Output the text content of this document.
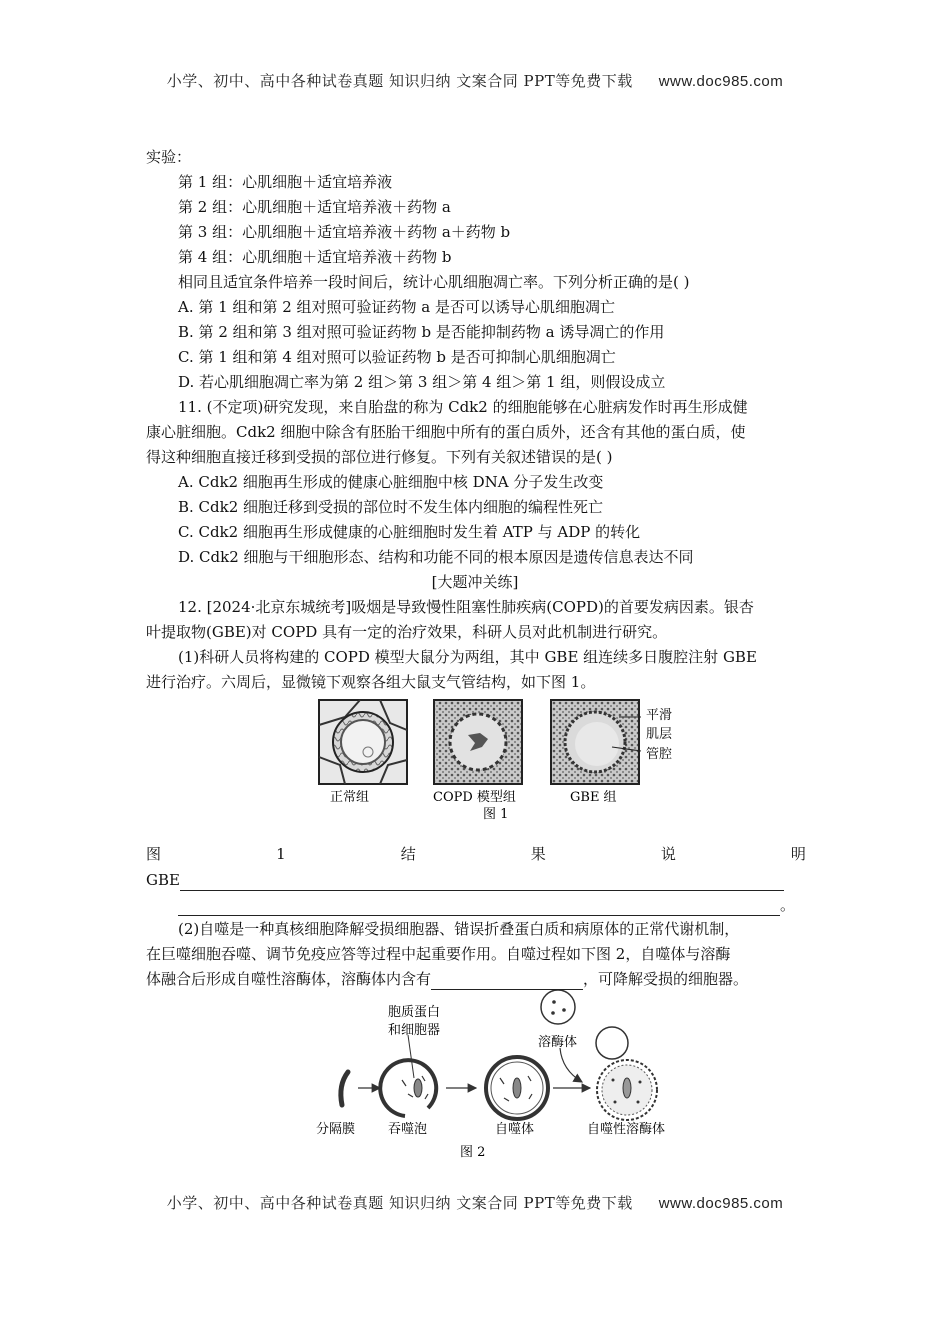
小学、初中、高中各种试卷真题 知识归纳 文案合同 PPT等免费下载 www.doc985.com
实验：
第 1 组：心肌细胞＋适宜培养液
第 2 组：心肌细胞＋适宜培养液＋药物 a
第 3 组：心肌细胞＋适宜培养液＋药物 a＋药物 b
第 4 组：心肌细胞＋适宜培养液＋药物 b
相同且适宜条件培养一段时间后，统计心肌细胞凋亡率。下列分析正确的是( )
A. 第 1 组和第 2 组对照可验证药物 a 是否可以诱导心肌细胞凋亡
B. 第 2 组和第 3 组对照可验证药物 b 是否能抑制药物 a 诱导凋亡的作用
C. 第 1 组和第 4 组对照可以验证药物 b 是否可抑制心肌细胞凋亡
D. 若心肌细胞凋亡率为第 2 组＞第 3 组＞第 4 组＞第 1 组，则假设成立
11. (不定项)研究发现，来自胎盘的称为 Cdk2 的细胞能够在心脏病发作时再生形成健
康心脏细胞。Cdk2 细胞中除含有胚胎干细胞中所有的蛋白质外，还含有其他的蛋白质，使
得这种细胞直接迁移到受损的部位进行修复。下列有关叙述错误的是( )
A. Cdk2 细胞再生形成的健康心脏细胞中核 DNA 分子发生改变
B. Cdk2 细胞迁移到受损的部位时不发生体内细胞的编程性死亡
C. Cdk2 细胞再生形成健康的心脏细胞时发生着 ATP 与 ADP 的转化
D. Cdk2 细胞与干细胞形态、结构和功能不同的根本原因是遗传信息表达不同
[大题冲关练]
12. [2024·北京东城统考]吸烟是导致慢性阻塞性肺疾病(COPD)的首要发病因素。银杏
叶提取物(GBE)对 COPD 具有一定的治疗效果，科研人员对此机制进行研究。
(1)科研人员将构建的 COPD 模型大鼠分为两组，其中 GBE 组连续多日腹腔注射 GBE
进行治疗。六周后，显微镜下观察各组大鼠支气管结构，如下图 1。
平滑
肌层
管腔
正常组	COPD 模型组	GBE 组
图 1
图	1	结	果	说	明
GBE
。
(2)自噬是一种真核细胞降解受损细胞器、错误折叠蛋白质和病原体的正常代谢机制，
在巨噬细胞吞噬、调节免疫应答等过程中起重要作用。自噬过程如下图 2，自噬体与溶酶
体融合后形成自噬性溶酶体，溶酶体内含有	，可降解受损的细胞器。
胞质蛋白
和细胞器
溶酶体
分隔膜	吞噬泡	自噬体	自噬性溶酶体
图 2
小学、初中、高中各种试卷真题 知识归纳 文案合同 PPT等免费下载 www.doc985.com
